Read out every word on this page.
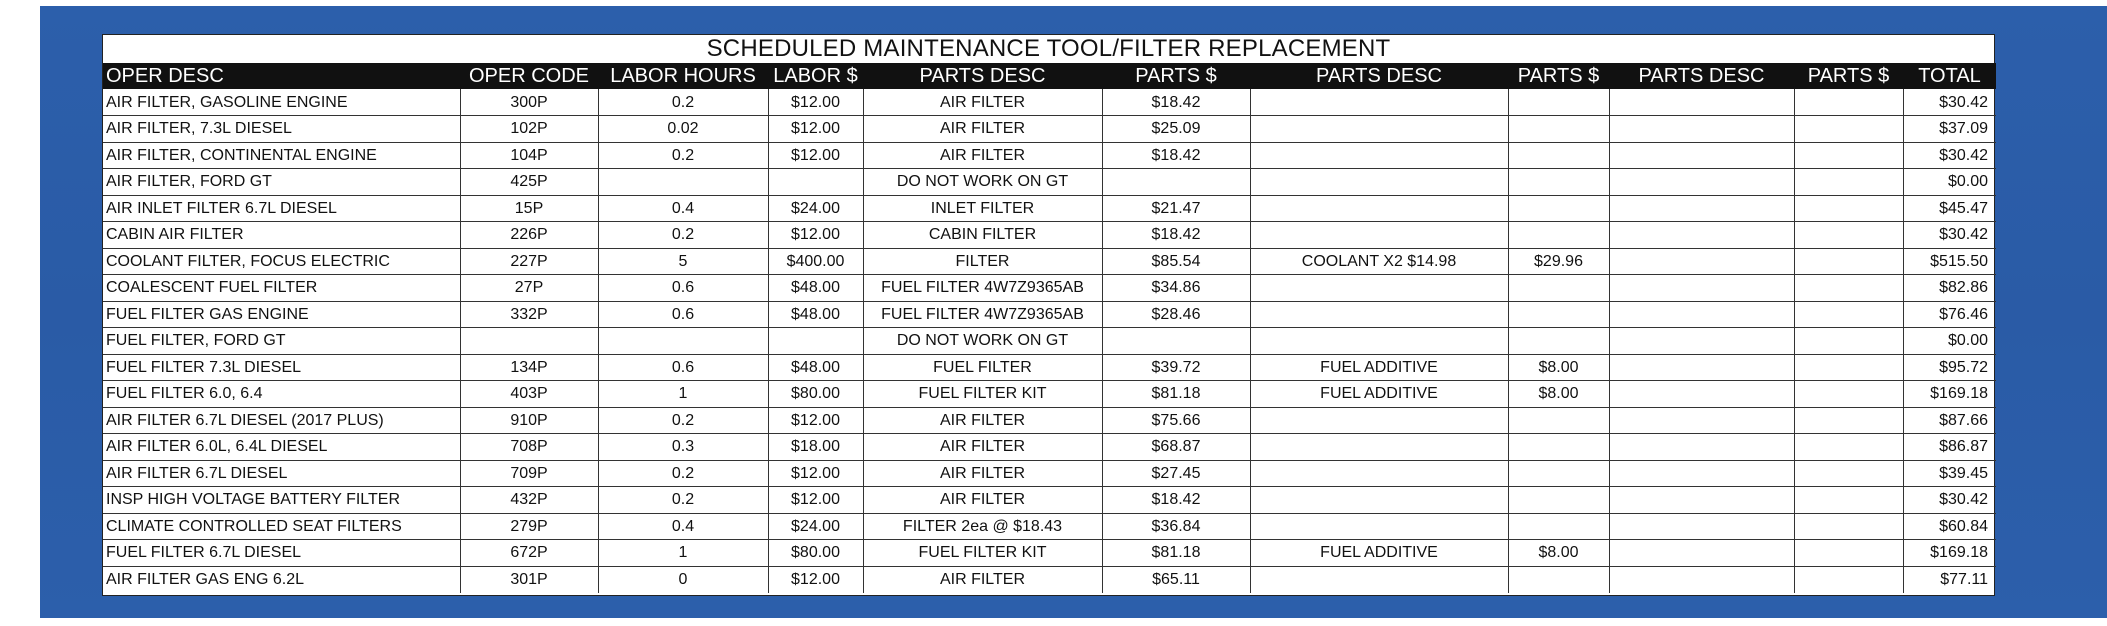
SCHEDULED MAINTENANCE TOOL/FILTER REPLACEMENT
OPER DESC	OPER CODE	LABOR HOURS	LABOR $	PARTS DESC	PARTS $	PARTS DESC	PARTS $	PARTS DESC	PARTS $	TOTAL
AIR FILTER, GASOLINE ENGINE	300P	0.2	$12.00	AIR FILTER	$18.42					$30.42
AIR FILTER, 7.3L DIESEL	102P	0.02	$12.00	AIR FILTER	$25.09					$37.09
AIR FILTER, CONTINENTAL ENGINE	104P	0.2	$12.00	AIR FILTER	$18.42					$30.42
AIR FILTER, FORD GT	425P			DO NOT WORK ON GT						$0.00
AIR INLET FILTER 6.7L DIESEL	15P	0.4	$24.00	INLET FILTER	$21.47					$45.47
CABIN AIR FILTER	226P	0.2	$12.00	CABIN FILTER	$18.42					$30.42
COOLANT FILTER, FOCUS ELECTRIC	227P	5	$400.00	FILTER	$85.54	COOLANT X2 $14.98	$29.96			$515.50
COALESCENT FUEL FILTER	27P	0.6	$48.00	FUEL FILTER 4W7Z9365AB	$34.86					$82.86
FUEL FILTER GAS ENGINE	332P	0.6	$48.00	FUEL FILTER 4W7Z9365AB	$28.46					$76.46
FUEL FILTER, FORD GT				DO NOT WORK ON GT						$0.00
FUEL FILTER 7.3L DIESEL	134P	0.6	$48.00	FUEL FILTER	$39.72	FUEL ADDITIVE	$8.00			$95.72
FUEL FILTER 6.0, 6.4	403P	1	$80.00	FUEL FILTER KIT	$81.18	FUEL ADDITIVE	$8.00			$169.18
AIR FILTER 6.7L DIESEL (2017 PLUS)	910P	0.2	$12.00	AIR FILTER	$75.66					$87.66
AIR FILTER 6.0L, 6.4L DIESEL	708P	0.3	$18.00	AIR FILTER	$68.87					$86.87
AIR FILTER 6.7L DIESEL	709P	0.2	$12.00	AIR FILTER	$27.45					$39.45
INSP HIGH VOLTAGE BATTERY FILTER	432P	0.2	$12.00	AIR FILTER	$18.42					$30.42
CLIMATE CONTROLLED SEAT FILTERS	279P	0.4	$24.00	FILTER 2ea @ $18.43	$36.84					$60.84
FUEL FILTER 6.7L DIESEL	672P	1	$80.00	FUEL FILTER KIT	$81.18	FUEL ADDITIVE	$8.00			$169.18
AIR FILTER GAS ENG 6.2L	301P	0	$12.00	AIR FILTER	$65.11					$77.11
